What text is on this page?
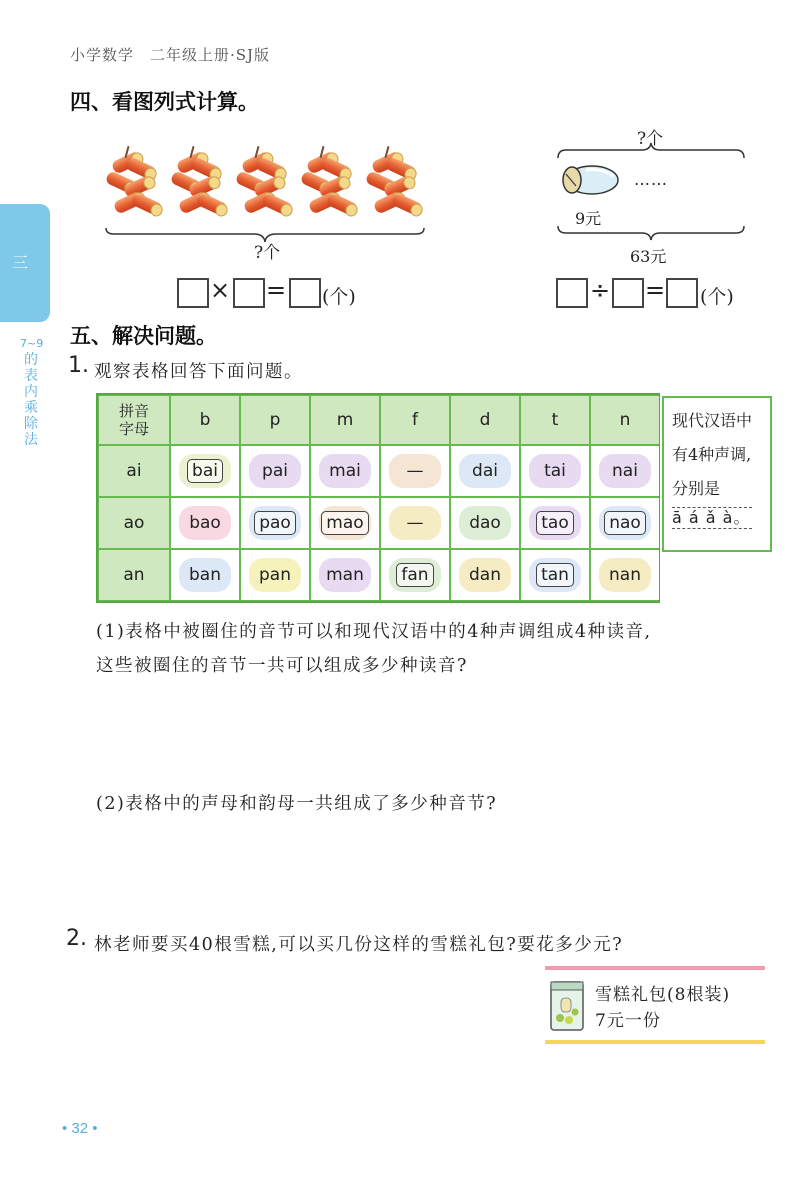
小学数学　二年级上册·SJ版
三
7~9
的
表
内
乘
除
法
四、看图列式计算。
?个
× = (个)
?个
……
9元
63元
÷ = (个)
五、解决问题。
1. 观察表格回答下面问题。
拼音
字母	b	p	m	f	d	t	n
ai	bai	pai mai	—	dai	tai	nai
ao	bao pao mao	—	dao tao nao
an	ban pan man fan dan tan nan
现代汉语中
有4种声调,
分别是
ā á ǎ à。
(1)表格中被圈住的音节可以和现代汉语中的4种声调组成4种读音,
这些被圈住的音节一共可以组成多少种读音?
(2)表格中的声母和韵母一共组成了多少种音节?
2. 林老师要买40根雪糕,可以买几份这样的雪糕礼包?要花多少元?
雪糕礼包(8根装)
7元一份
• 32 •
